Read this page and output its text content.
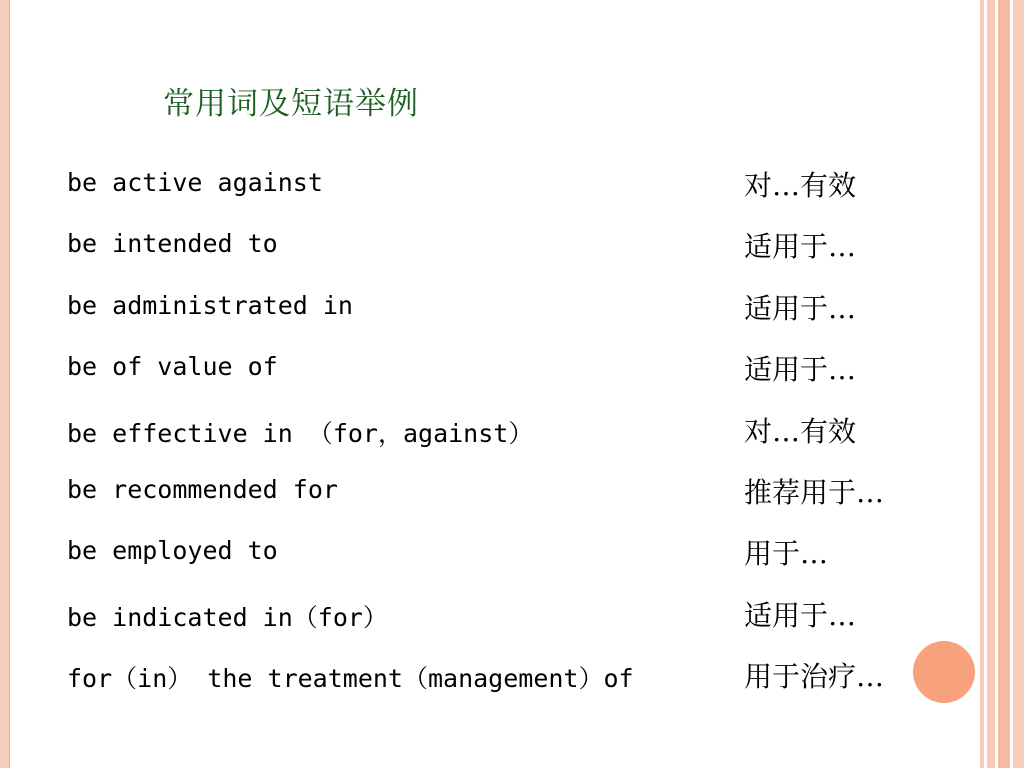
常用词及短语举例
be active against	对…有效
be intended to	适用于…
be administrated in	适用于…
be of value of	适用于…
be effective in （for，against）	对…有效
be recommended for	推荐用于…
be employed to	用于…
be indicated in（for）	适用于…
for（in） the treatment（management）of	用于治疗…
